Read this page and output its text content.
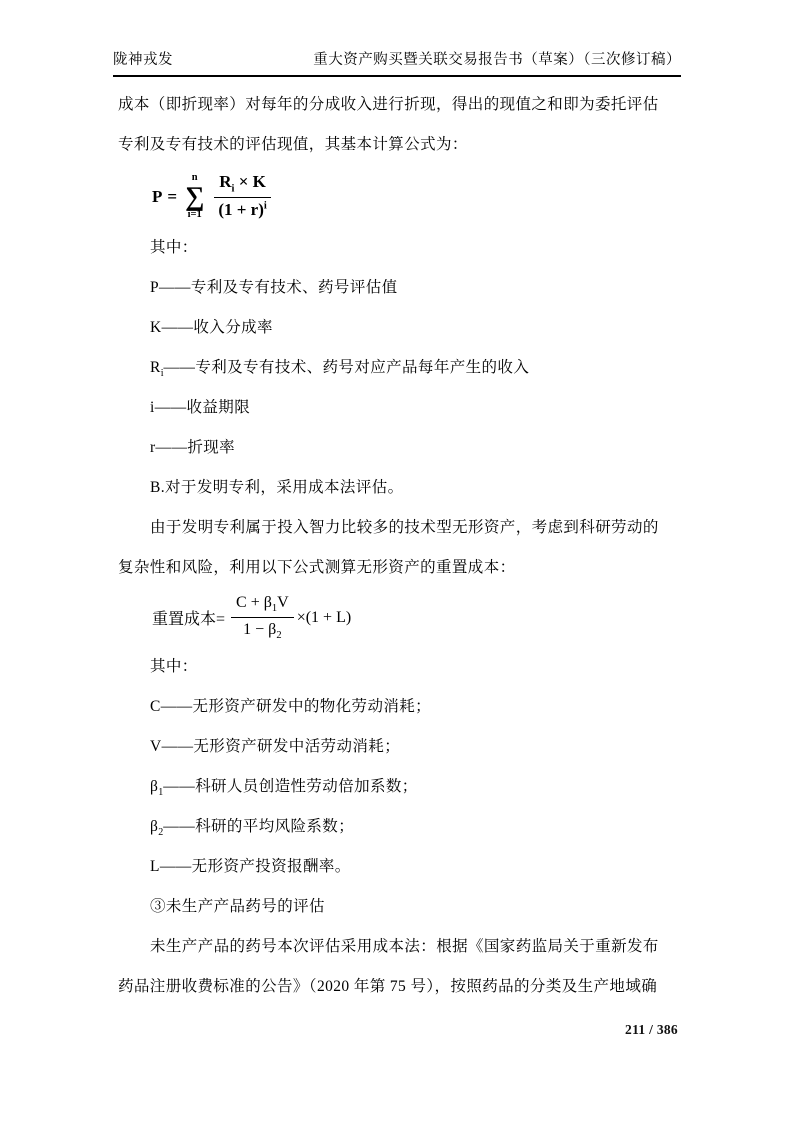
陇神戎发	重大资产购买暨关联交易报告书（草案）（三次修订稿）
成本（即折现率）对每年的分成收入进行折现，得出的现值之和即为委托评估
专利及专有技术的评估现值，其基本计算公式为：
P =
n
∑
$i=1 \frac{R_i \times K}{(1 + r)^i}$
其中：
P——专利及专有技术、药号评估值
K——收入分成率
$R_i——$专利及专有技术、药号对应产品每年产生的收入
i——收益期限
r——折现率
B.对于发明专利，采用成本法评估。
由于发明专利属于投入智力比较多的技术型无形资产，考虑到科研劳动的
复杂性和风险，利用以下公式测算无形资产的重置成本：
重置成本= $\frac{C + \beta_1V}{1 - \beta_2} \times(1 + L)$
其中：
C——无形资产研发中的物化劳动消耗；
V——无形资产研发中活劳动消耗；
$\beta_1——$科研人员创造性劳动倍加系数；
$\beta_2——$科研的平均风险系数；
L——无形资产投资报酬率。
③未生产产品药号的评估
未生产产品的药号本次评估采用成本法：根据《国家药监局关于重新发布
药品注册收费标准的公告》（2020 年第 75 号），按照药品的分类及生产地域确
211 / 386
